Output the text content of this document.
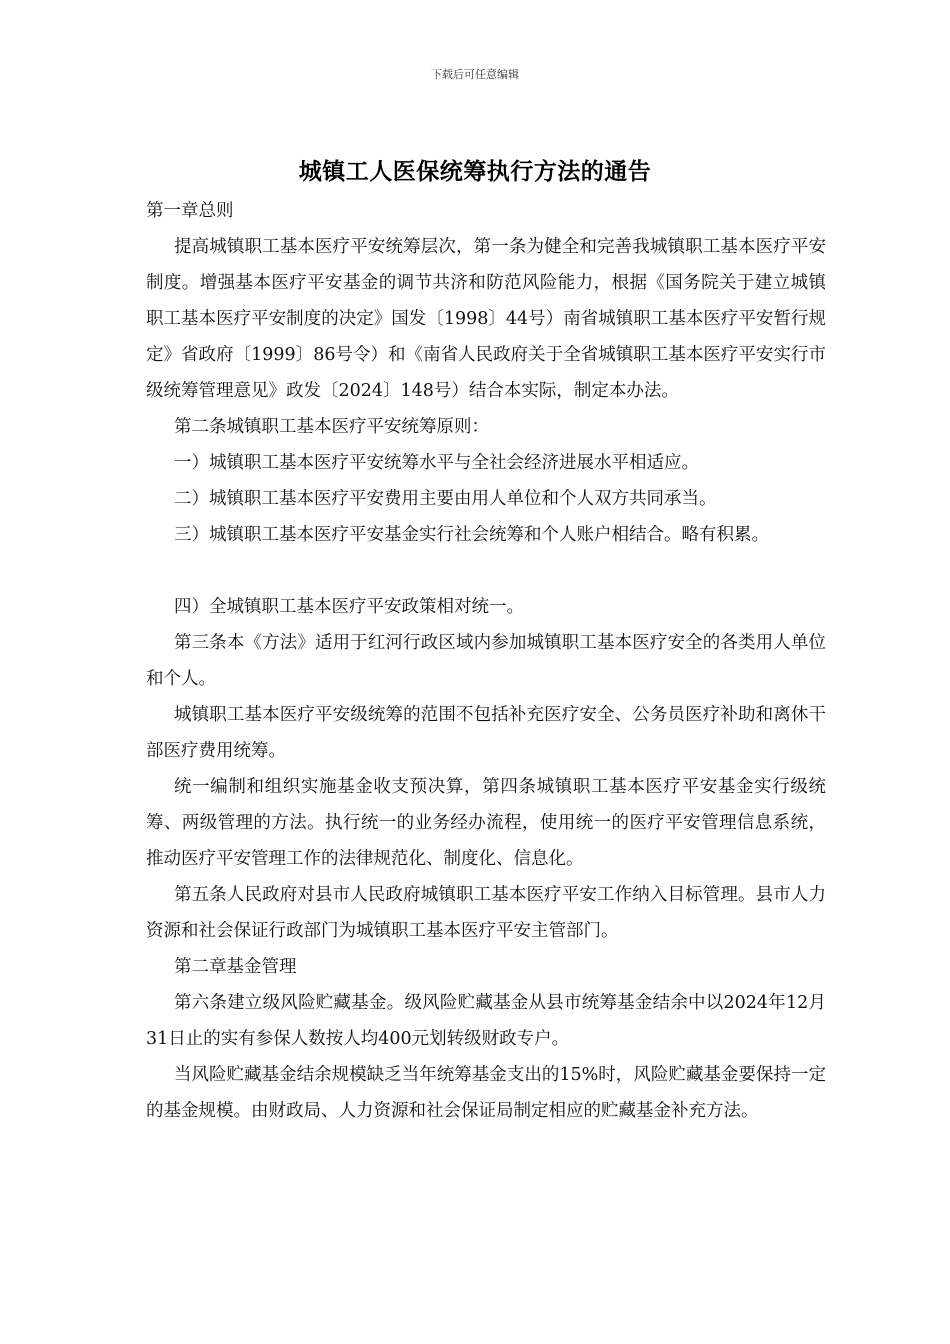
下载后可任意编辑
城镇工人医保统筹执行方法的通告

第一章总则

提高城镇职工基本医疗平安统筹层次，第一条为健全和完善我城镇职工基本医疗平安制度。增强基本医疗平安基金的调节共济和防范风险能力，根据《国务院关于建立城镇职工基本医疗平安制度的决定》国发〔1998〕44号）南省城镇职工基本医疗平安暂行规定》省政府〔1999〕86号令）和《南省人民政府关于全省城镇职工基本医疗平安实行市级统筹管理意见》政发〔2024〕148号）结合本实际，制定本办法。

第二条城镇职工基本医疗平安统筹原则：

一）城镇职工基本医疗平安统筹水平与全社会经济进展水平相适应。

二）城镇职工基本医疗平安费用主要由用人单位和个人双方共同承当。

三）城镇职工基本医疗平安基金实行社会统筹和个人账户相结合。略有积累。

四）全城镇职工基本医疗平安政策相对统一。

第三条本《方法》适用于红河行政区域内参加城镇职工基本医疗安全的各类用人单位和个人。

城镇职工基本医疗平安级统筹的范围不包括补充医疗安全、公务员医疗补助和离休干部医疗费用统筹。

统一编制和组织实施基金收支预决算，第四条城镇职工基本医疗平安基金实行级统筹、两级管理的方法。执行统一的业务经办流程，使用统一的医疗平安管理信息系统，推动医疗平安管理工作的法律规范化、制度化、信息化。

第五条人民政府对县市人民政府城镇职工基本医疗平安工作纳入目标管理。县市人力资源和社会保证行政部门为城镇职工基本医疗平安主管部门。

第二章基金管理

第六条建立级风险贮藏基金。级风险贮藏基金从县市统筹基金结余中以2024年12月31日止的实有参保人数按人均400元划转级财政专户。

当风险贮藏基金结余规模缺乏当年统筹基金支出的15%时，风险贮藏基金要保持一定的基金规模。由财政局、人力资源和社会保证局制定相应的贮藏基金补充方法。
